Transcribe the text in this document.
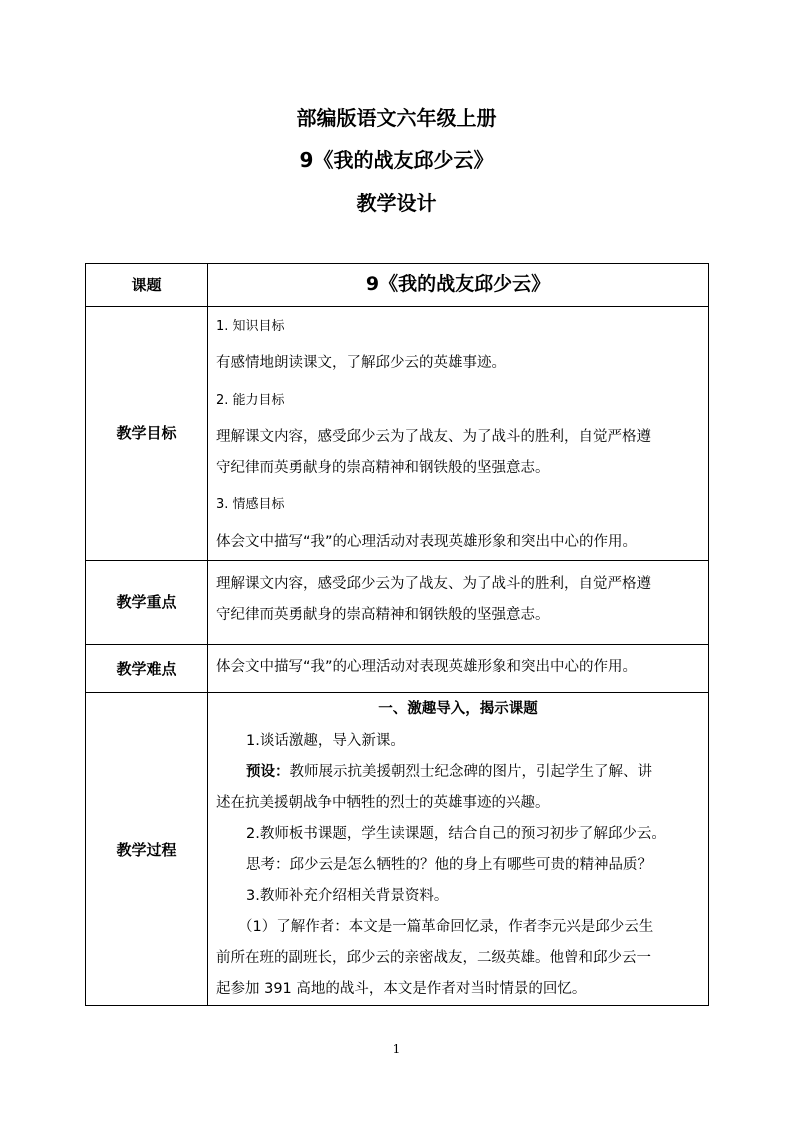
部编版语文六年级上册
9《我的战友邱少云》
教学设计
课题	9《我的战友邱少云》
教学目标
1. 知识目标
有感情地朗读课文，了解邱少云的英雄事迹。
2. 能力目标
理解课文内容，感受邱少云为了战友、为了战斗的胜利，自觉严格遵
守纪律而英勇献身的崇高精神和钢铁般的坚强意志。
3. 情感目标
体会文中描写“我”的心理活动对表现英雄形象和突出中心的作用。
教学重点
理解课文内容，感受邱少云为了战友、为了战斗的胜利，自觉严格遵
守纪律而英勇献身的崇高精神和钢铁般的坚强意志。
教学难点	体会文中描写“我”的心理活动对表现英雄形象和突出中心的作用。
教学过程
一、激趣导入，揭示课题
1.谈话激趣，导入新课。
预设：教师展示抗美援朝烈士纪念碑的图片，引起学生了解、讲
述在抗美援朝战争中牺牲的烈士的英雄事迹的兴趣。
2.教师板书课题，学生读课题，结合自己的预习初步了解邱少云。
思考：邱少云是怎么牺牲的？他的身上有哪些可贵的精神品质？
3.教师补充介绍相关背景资料。
（1）了解作者：本文是一篇革命回忆录，作者李元兴是邱少云生
前所在班的副班长，邱少云的亲密战友，二级英雄。他曾和邱少云一
起参加 391 高地的战斗，本文是作者对当时情景的回忆。
1
